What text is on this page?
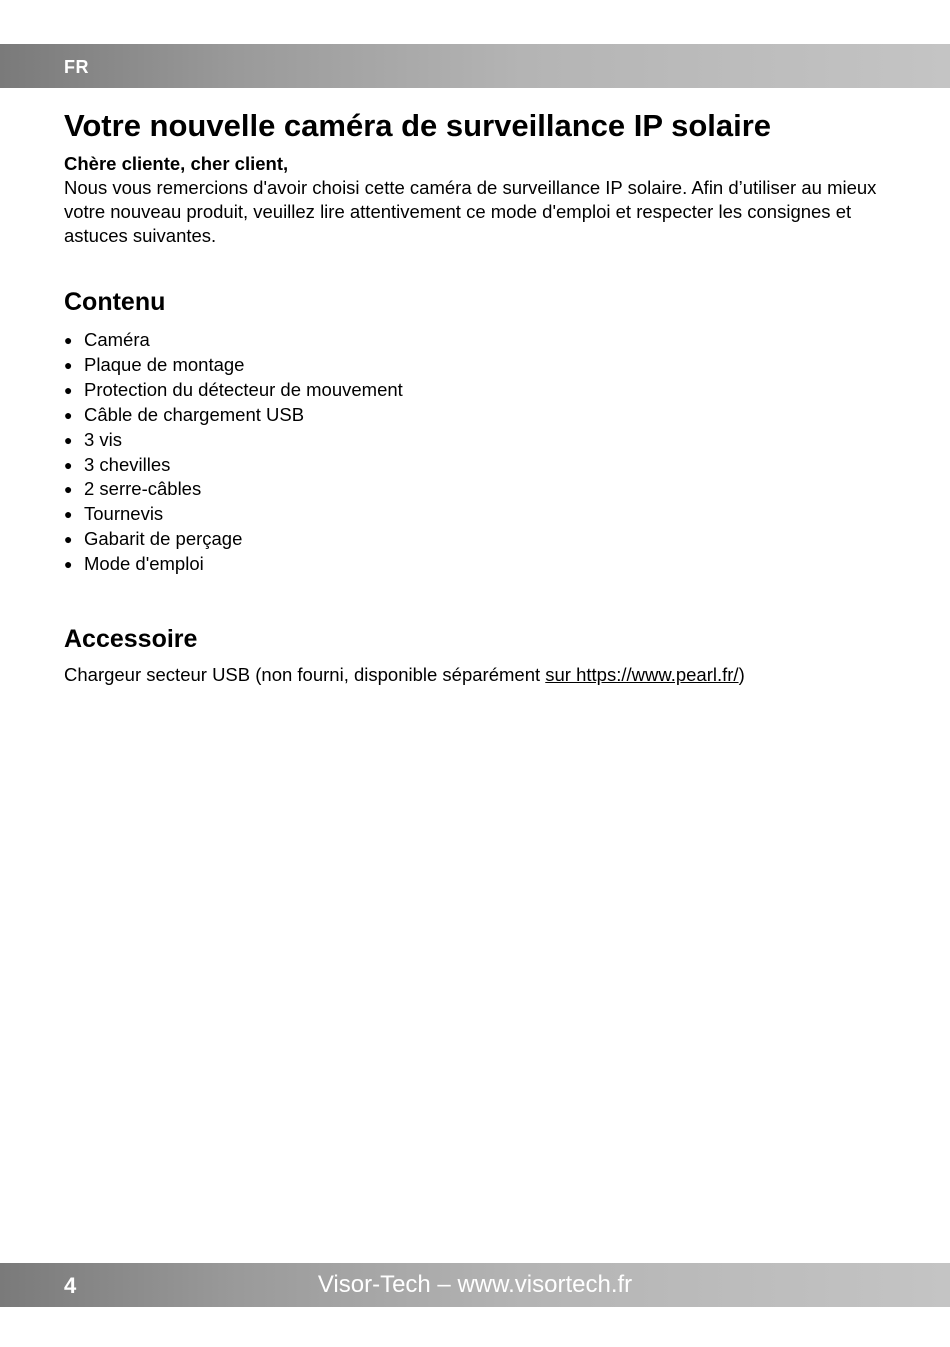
FR
Votre nouvelle caméra de surveillance IP solaire

Chère cliente, cher client,

Nous vous remercions d'avoir choisi cette caméra de surveillance IP solaire. Afin d’utiliser au mieux votre nouveau produit, veuillez lire attentivement ce mode d'emploi et respecter les consignes et astuces suivantes.

Contenu
● Caméra
● Plaque de montage
● Protection du détecteur de mouvement
● Câble de chargement USB
● 3 vis
● 3 chevilles
● 2 serre-câbles
● Tournevis
● Gabarit de perçage
● Mode d'emploi
Accessoire

Chargeur secteur USB (non fourni, disponible séparément sur https://www.pearl.fr/)

4	Visor-Tech – www.visortech.fr
